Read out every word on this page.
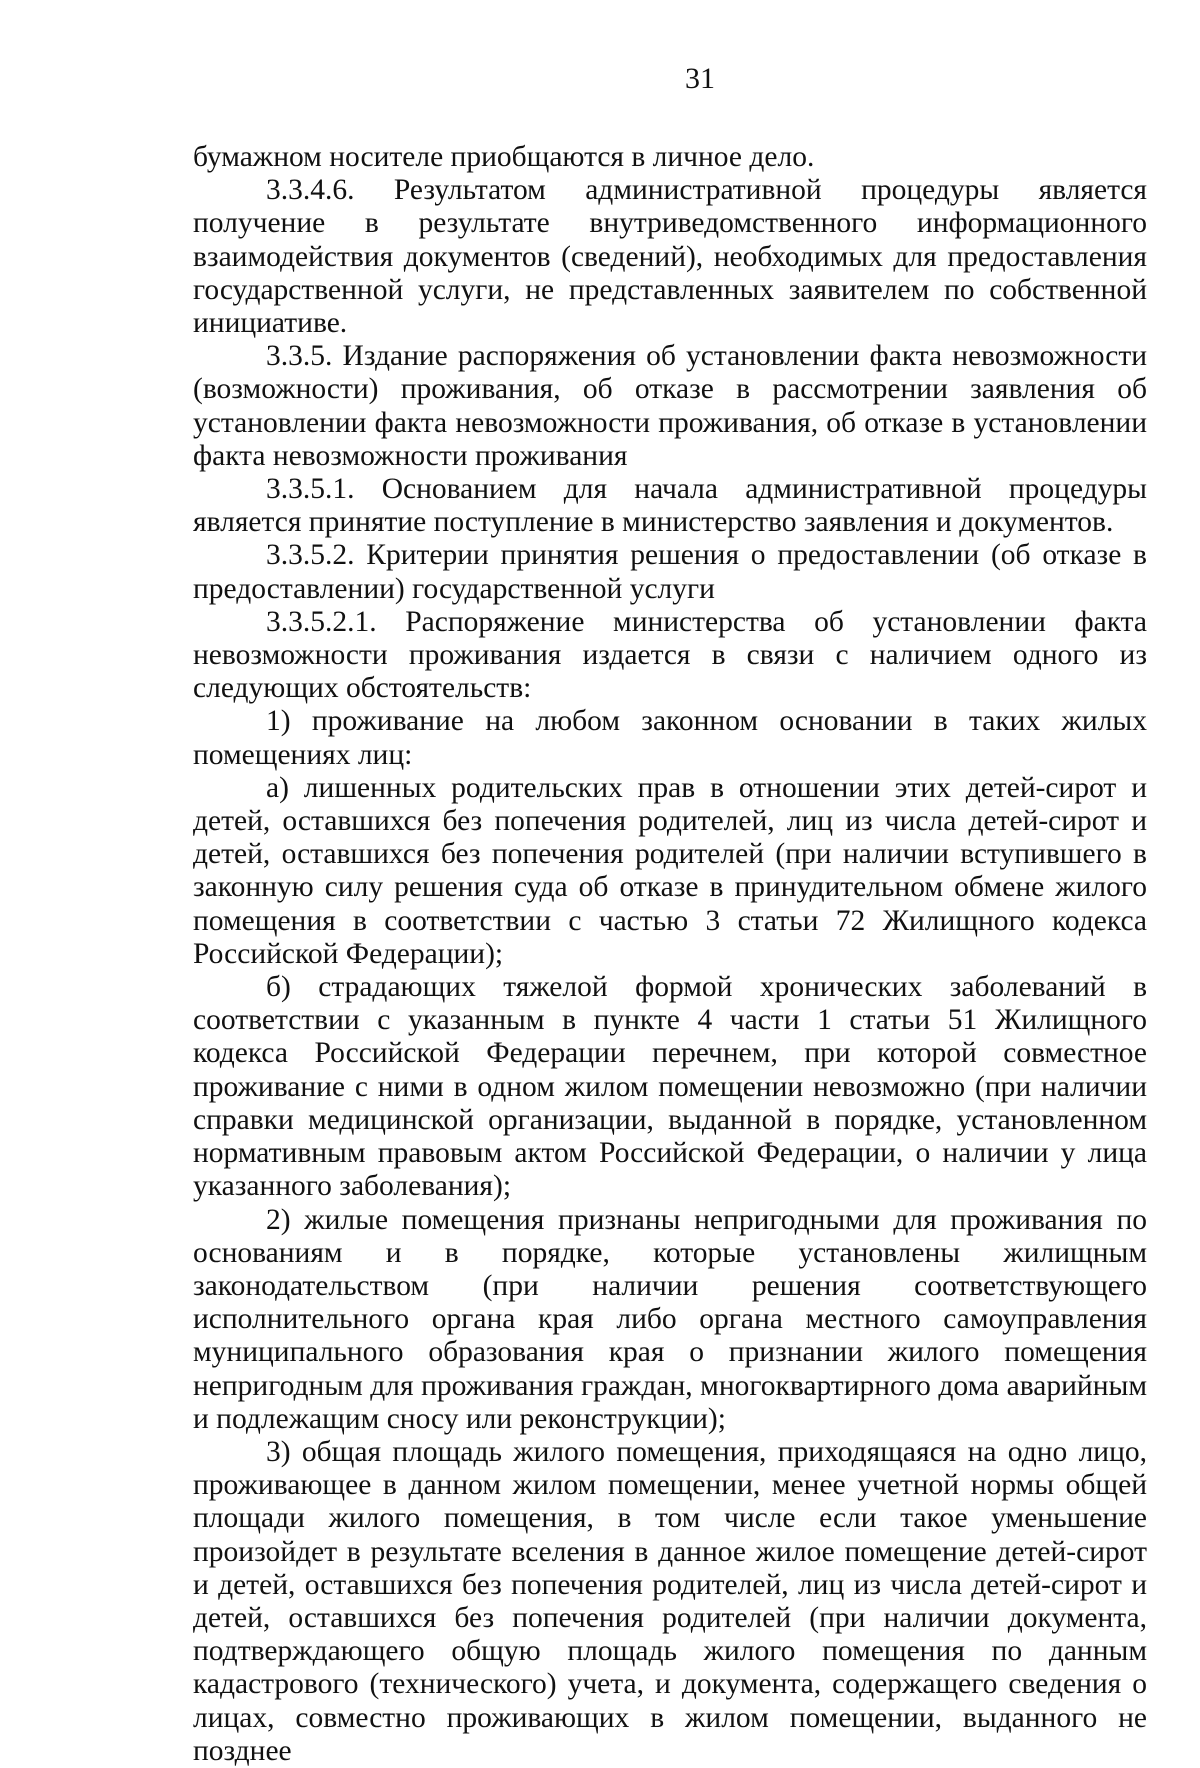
31

бумажном носителе приобщаются в личное дело.

3.3.4.6. Результатом административной процедуры является получение в результате внутриведомственного информационного взаимодействия документов (сведений), необходимых для предоставления государственной услуги, не представленных заявителем по собственной инициативе.

3.3.5. Издание распоряжения об установлении факта невозможности (возможности) проживания, об отказе в рассмотрении заявления об установлении факта невозможности проживания, об отказе в установлении факта невозможности проживания

3.3.5.1. Основанием для начала административной процедуры является принятие поступление в министерство заявления и документов.

3.3.5.2. Критерии принятия решения о предоставлении (об отказе в предоставлении) государственной услуги

3.3.5.2.1. Распоряжение министерства об установлении факта невозможности проживания издается в связи с наличием одного из следующих обстоятельств:

1) проживание на любом законном основании в таких жилых помещениях лиц:

а) лишенных родительских прав в отношении этих детей-сирот и детей, оставшихся без попечения родителей, лиц из числа детей-сирот и детей, оставшихся без попечения родителей (при наличии вступившего в законную силу решения суда об отказе в принудительном обмене жилого помещения в соответствии с частью 3 статьи 72 Жилищного кодекса Российской Федерации);

б) страдающих тяжелой формой хронических заболеваний в соответствии с указанным в пункте 4 части 1 статьи 51 Жилищного кодекса Российской Федерации перечнем, при которой совместное проживание с ними в одном жилом помещении невозможно (при наличии справки медицинской организации, выданной в порядке, установленном нормативным правовым актом Российской Федерации, о наличии у лица указанного заболевания);

2) жилые помещения признаны непригодными для проживания по основаниям и в порядке, которые установлены жилищным законодательством (при наличии решения соответствующего исполнительного органа края либо органа местного самоуправления муниципального образования края о признании жилого помещения непригодным для проживания граждан, многоквартирного дома аварийным и подлежащим сносу или реконструкции);

3) общая площадь жилого помещения, приходящаяся на одно лицо, проживающее в данном жилом помещении, менее учетной нормы общей площади жилого помещения, в том числе если такое уменьшение произойдет в результате вселения в данное жилое помещение детей-сирот и детей, оставшихся без попечения родителей, лиц из числа детей-сирот и детей, оставшихся без попечения родителей (при наличии документа, подтверждающего общую площадь жилого помещения по данным кадастрового (технического) учета, и документа, содержащего сведения о лицах, совместно проживающих в жилом помещении, выданного не позднее
